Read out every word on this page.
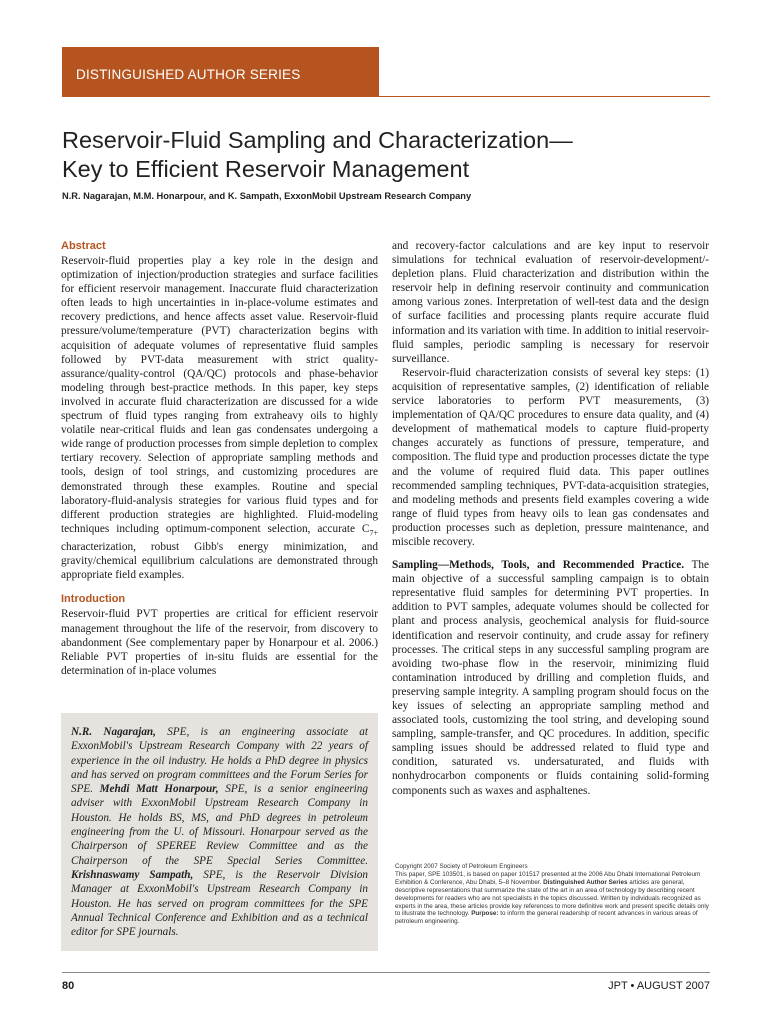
DISTINGUISHED AUTHOR SERIES
Reservoir-Fluid Sampling and Characterization—
Key to Efficient Reservoir Management

N.R. Nagarajan, M.M. Honarpour, and K. Sampath, ExxonMobil Upstream Research Company

Abstract

Reservoir-fluid properties play a key role in the design and optimization of injection/production strategies and surface facilities for efficient reservoir management. Inaccurate fluid characterization often leads to high uncertainties in in-place-volume estimates and recovery predictions, and hence affects asset value. Reservoir-fluid pressure/volume/temperature (PVT) characterization begins with acquisition of adequate volumes of representative fluid samples followed by PVT-data measurement with strict quality-assurance/quality-control (QA/QC) protocols and phase-behavior modeling through best-practice methods. In this paper, key steps involved in accurate fluid characterization are discussed for a wide spectrum of fluid types ranging from extraheavy oils to highly volatile near-critical fluids and lean gas condensates undergoing a wide range of production processes from simple depletion to complex tertiary recovery. Selection of appropriate sampling methods and tools, design of tool strings, and customizing procedures are demonstrated through these examples. Routine and special laboratory-fluid-analysis strategies for various fluid types and for different production strategies are highlighted. Fluid-modeling techniques including optimum-component selection, accurate $C_{7+}$ characterization, robust Gibb's energy minimization, and gravity/chemical equilibrium calculations are demonstrated through appropriate field examples.

Introduction

Reservoir-fluid PVT properties are critical for efficient reservoir management throughout the life of the reservoir, from discovery to abandonment (See complementary paper by Honarpour et al. 2006.) Reliable PVT properties of in-situ fluids are essential for the determination of in-place volumes

N.R. Nagarajan, SPE, is an engineering associate at ExxonMobil's Upstream Research Company with 22 years of experience in the oil industry. He holds a PhD degree in physics and has served on program committees and the Forum Series for SPE. Mehdi Matt Honarpour, SPE, is a senior engineering adviser with ExxonMobil Upstream Research Company in Houston. He holds BS, MS, and PhD degrees in petroleum engineering from the U. of Missouri. Honarpour served as the Chairperson of SPEREE Review Committee and as the Chairperson of the SPE Special Series Committee. Krishnaswamy Sampath, SPE, is the Reservoir Division Manager at ExxonMobil's Upstream Research Company in Houston. He has served on program committees for the SPE Annual Technical Conference and Exhibition and as a technical editor for SPE journals.

and recovery-factor calculations and are key input to reservoir simulations for technical evaluation of reservoir-development/-depletion plans. Fluid characterization and distribution within the reservoir help in defining reservoir continuity and communication among various zones. Interpretation of well-test data and the design of surface facilities and processing plants require accurate fluid information and its variation with time. In addition to initial reservoir-fluid samples, periodic sampling is necessary for reservoir surveillance.

Reservoir-fluid characterization consists of several key steps: (1) acquisition of representative samples, (2) identification of reliable service laboratories to perform PVT measurements, (3) implementation of QA/QC procedures to ensure data quality, and (4) development of mathematical models to capture fluid-property changes accurately as functions of pressure, temperature, and composition. The fluid type and production processes dictate the type and the volume of required fluid data. This paper outlines recommended sampling techniques, PVT-data-acquisition strategies, and modeling methods and presents field examples covering a wide range of fluid types from heavy oils to lean gas condensates and production processes such as depletion, pressure maintenance, and miscible recovery.

Sampling—Methods, Tools, and Recommended Practice. The main objective of a successful sampling campaign is to obtain representative fluid samples for determining PVT properties. In addition to PVT samples, adequate volumes should be collected for plant and process analysis, geochemical analysis for fluid-source identification and reservoir continuity, and crude assay for refinery processes. The critical steps in any successful sampling program are avoiding two-phase flow in the reservoir, minimizing fluid contamination introduced by drilling and completion fluids, and preserving sample integrity. A sampling program should focus on the key issues of selecting an appropriate sampling method and associated tools, customizing the tool string, and developing sound sampling, sample-transfer, and QC procedures. In addition, specific sampling issues should be addressed related to fluid type and condition, saturated vs. undersaturated, and fluids with nonhydrocarbon components or fluids containing solid-forming components such as waxes and asphaltenes.

Copyright 2007 Society of Petroleum Engineers
This paper, SPE 103501, is based on paper 101517 presented at the 2006 Abu Dhabi International Petroleum Exhibition & Conference, Abu Dhabi, 5–8 November. Distinguished Author Series articles are general, descriptive representations that summarize the state of the art in an area of technology by describing recent developments for readers who are not specialists in the topics discussed. Written by individuals recognized as experts in the area, these articles provide key references to more definitive work and present specific details only to illustrate the technology. Purpose: to inform the general readership of recent advances in various areas of petroleum engineering.
80	JPT • AUGUST 2007
